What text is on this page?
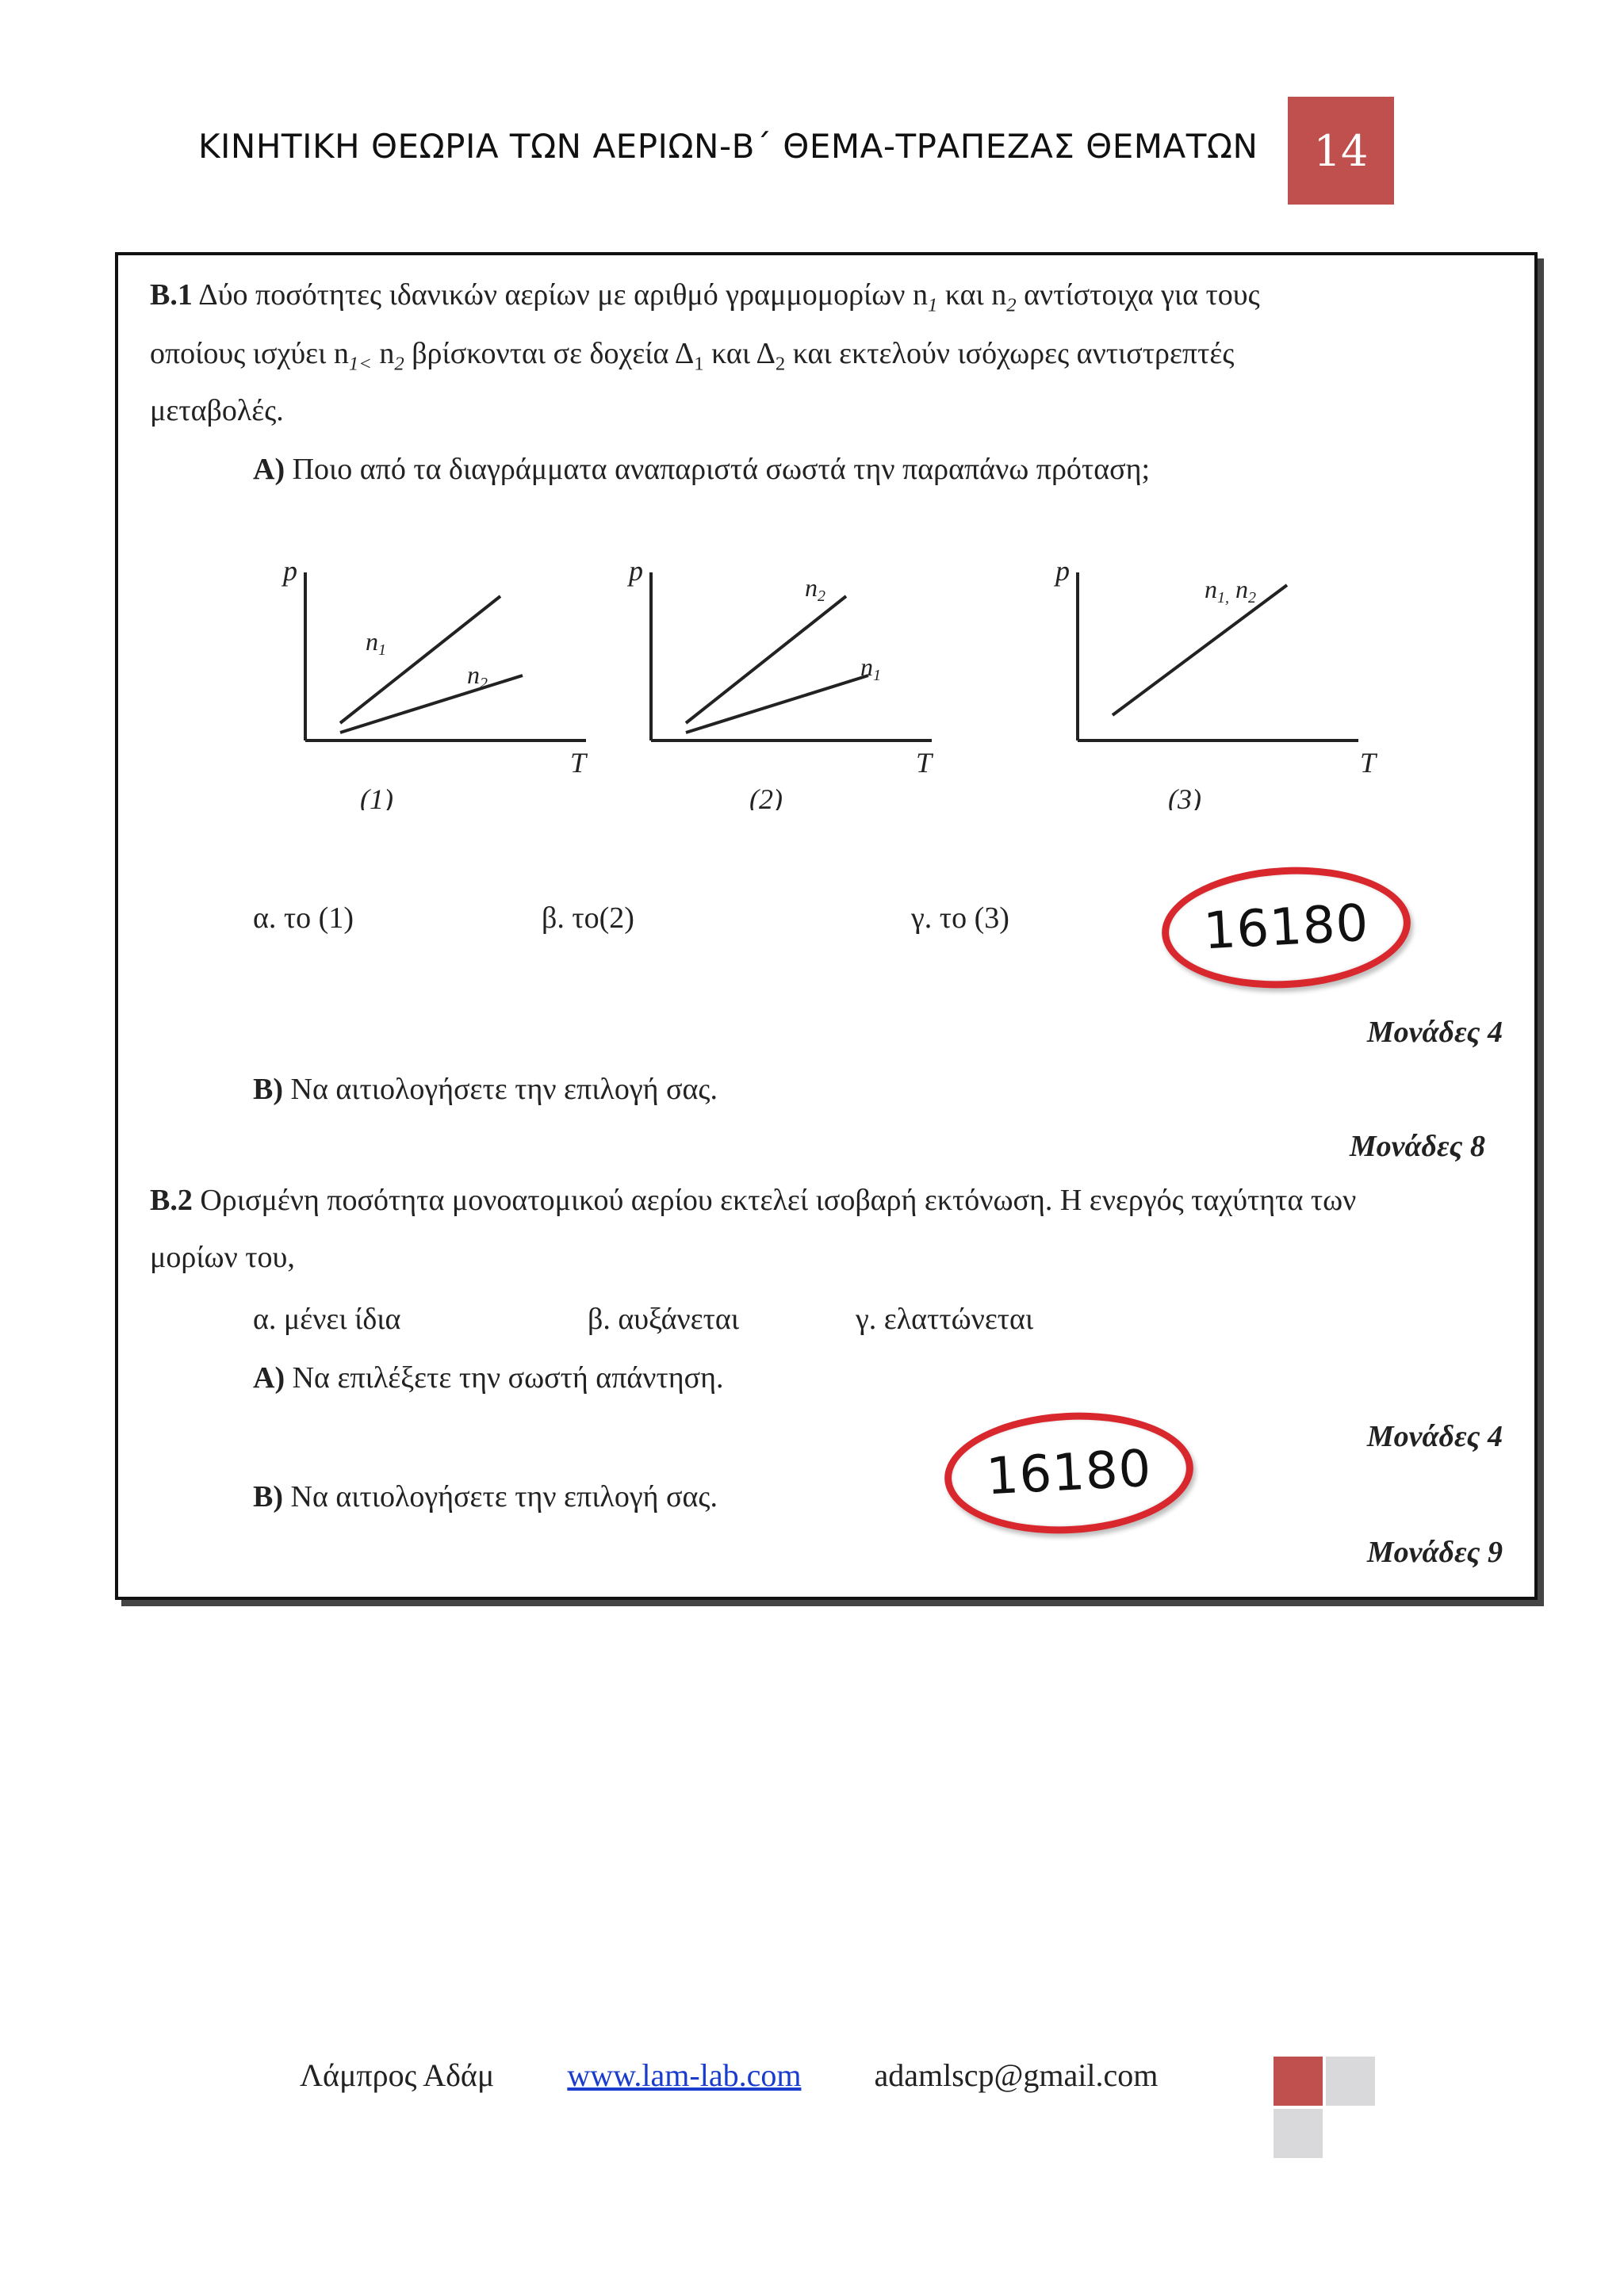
ΚΙΝΗΤΙΚΗ ΘΕΩΡΙΑ ΤΩΝ ΑΕΡΙΩΝ-Β΄ ΘΕΜΑ-ΤΡΑΠΕΖΑΣ ΘΕΜΑΤΩΝ	14
Β.1 Δύο ποσότητες ιδανικών αερίων με αριθμό γραμμομορίων $n_1$ και $n_2$ αντίστοιχα για τους
οποίους ισχύει $n_{1<}$ $n_2$ βρίσκονται σε δοχεία $\Delta_1$ και $\Delta_2$ και εκτελούν ισόχωρες αντιστρεπτές
μεταβολές.
Α) Ποιο από τα διαγράμματα αναπαριστά σωστά την παραπάνω πρόταση;
p
T
n1
n2
(1)
p
T
n2
n1
(2)
p
T
n1, n2
(3)
α. το (1)	β. το(2)	γ. το (3)	16180
Μονάδες 4
Β) Να αιτιολογήσετε την επιλογή σας.
Μονάδες 8
Β.2 Ορισμένη ποσότητα μονοατομικού αερίου εκτελεί ισοβαρή εκτόνωση. Η ενεργός ταχύτητα των
μορίων του,
α. μένει ίδια	β. αυξάνεται	γ. ελαττώνεται
Α) Να επιλέξετε την σωστή απάντηση.
Μονάδες 4
16180
Β) Να αιτιολογήσετε την επιλογή σας.
Μονάδες 9
Λάμπρος Αδάμ www.lam-lab.com adamlscp@gmail.com
